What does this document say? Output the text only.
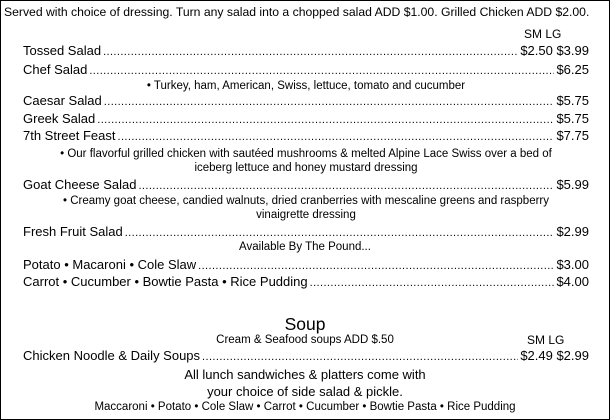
Served with choice of dressing. Turn any salad into a chopped salad ADD $1.00. Grilled Chicken ADD $2.00.
SM LG
Tossed Salad .....	$2.50 $3.99
Chef Salad .....	$6.25
• Turkey, ham, American, Swiss, lettuce, tomato and cucumber
Caesar Salad .....	$5.75
Greek Salad .....	$5.75
7th Street Feast .....	$7.75
• Our flavorful grilled chicken with sautéed mushrooms & melted Alpine Lace Swiss over a bed of iceberg lettuce and honey mustard dressing
Goat Cheese Salad .....	$5.99
• Creamy goat cheese, candied walnuts, dried cranberries with mescaline greens and raspberry vinaigrette dressing
Fresh Fruit Salad .....	$2.99
Available By The Pound...
Potato • Macaroni • Cole Slaw .....	$3.00
Carrot • Cucumber • Bowtie Pasta • Rice Pudding .....	$4.00
Soup
Cream & Seafood soups ADD $.50	SM LG
Chicken Noodle & Daily Soups .....	$2.49 $2.99
All lunch sandwiches & platters come with
your choice of side salad & pickle.
Maccaroni • Potato • Cole Slaw • Carrot • Cucumber • Bowtie Pasta • Rice Pudding
